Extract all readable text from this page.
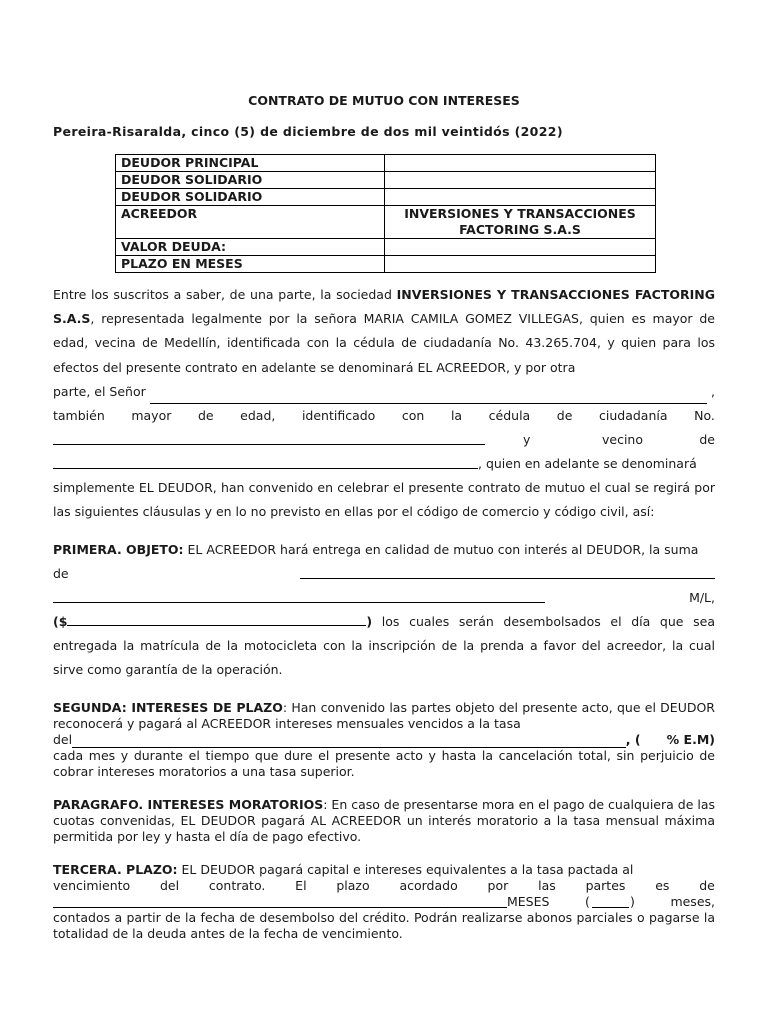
CONTRATO DE MUTUO CON INTERESES
Pereira-Risaralda, cinco (5) de diciembre de dos mil veintidós (2022)
DEUDOR PRINCIPAL	
DEUDOR SOLIDARIO	
DEUDOR SOLIDARIO	
ACREEDOR	INVERSIONES Y TRANSACCIONES FACTORING S.A.S
VALOR DEUDA:	
PLAZO EN MESES	
Entre los suscritos a saber, de una parte, la sociedad INVERSIONES Y TRANSACCIONES FACTORING S.A.S, representada legalmente por la señora MARIA CAMILA GOMEZ VILLEGAS, quien es mayor de edad, vecina de Medellín, identificada con la cédula de ciudadanía No. 43.265.704, y quien para los efectos del presente contrato en adelante se denominará EL ACREEDOR, y por otra
parte, el Señor	,
también mayor de edad, identificado con la cédula de ciudadanía No.
y	vecino	de
, quien en adelante se denominará
simplemente EL DEUDOR, han convenido en celebrar el presente contrato de mutuo el cual se regirá por las siguientes cláusulas y en lo no previsto en ellas por el código de comercio y código civil, así:
PRIMERA. OBJETO: EL ACREEDOR hará entrega en calidad de mutuo con interés al DEUDOR, la suma
de
M/L,
($	) los cuales serán desembolsados el día que sea entregada la matrícula de la motocicleta con la inscripción de la prenda a favor del acreedor, la cual sirve como garantía de la operación.
SEGUNDA: INTERESES DE PLAZO: Han convenido las partes objeto del presente acto, que el DEUDOR reconocerá y pagará al ACREEDOR intereses mensuales vencidos a la tasa
del	, (      % E.M)
cada mes y durante el tiempo que dure el presente acto y hasta la cancelación total, sin perjuicio de cobrar intereses moratorios a una tasa superior.
PARAGRAFO. INTERESES MORATORIOS: En caso de presentarse mora en el pago de cualquiera de las cuotas convenidas, EL DEUDOR pagará AL ACREEDOR un interés moratorio a la tasa mensual máxima permitida por ley y hasta el día de pago efectivo.
TERCERA. PLAZO: EL DEUDOR pagará capital e intereses equivalentes a la tasa pactada al
vencimiento del contrato. El plazo acordado por las partes es de
MESES	(	)	meses,
contados a partir de la fecha de desembolso del crédito. Podrán realizarse abonos parciales o pagarse la totalidad de la deuda antes de la fecha de vencimiento.
